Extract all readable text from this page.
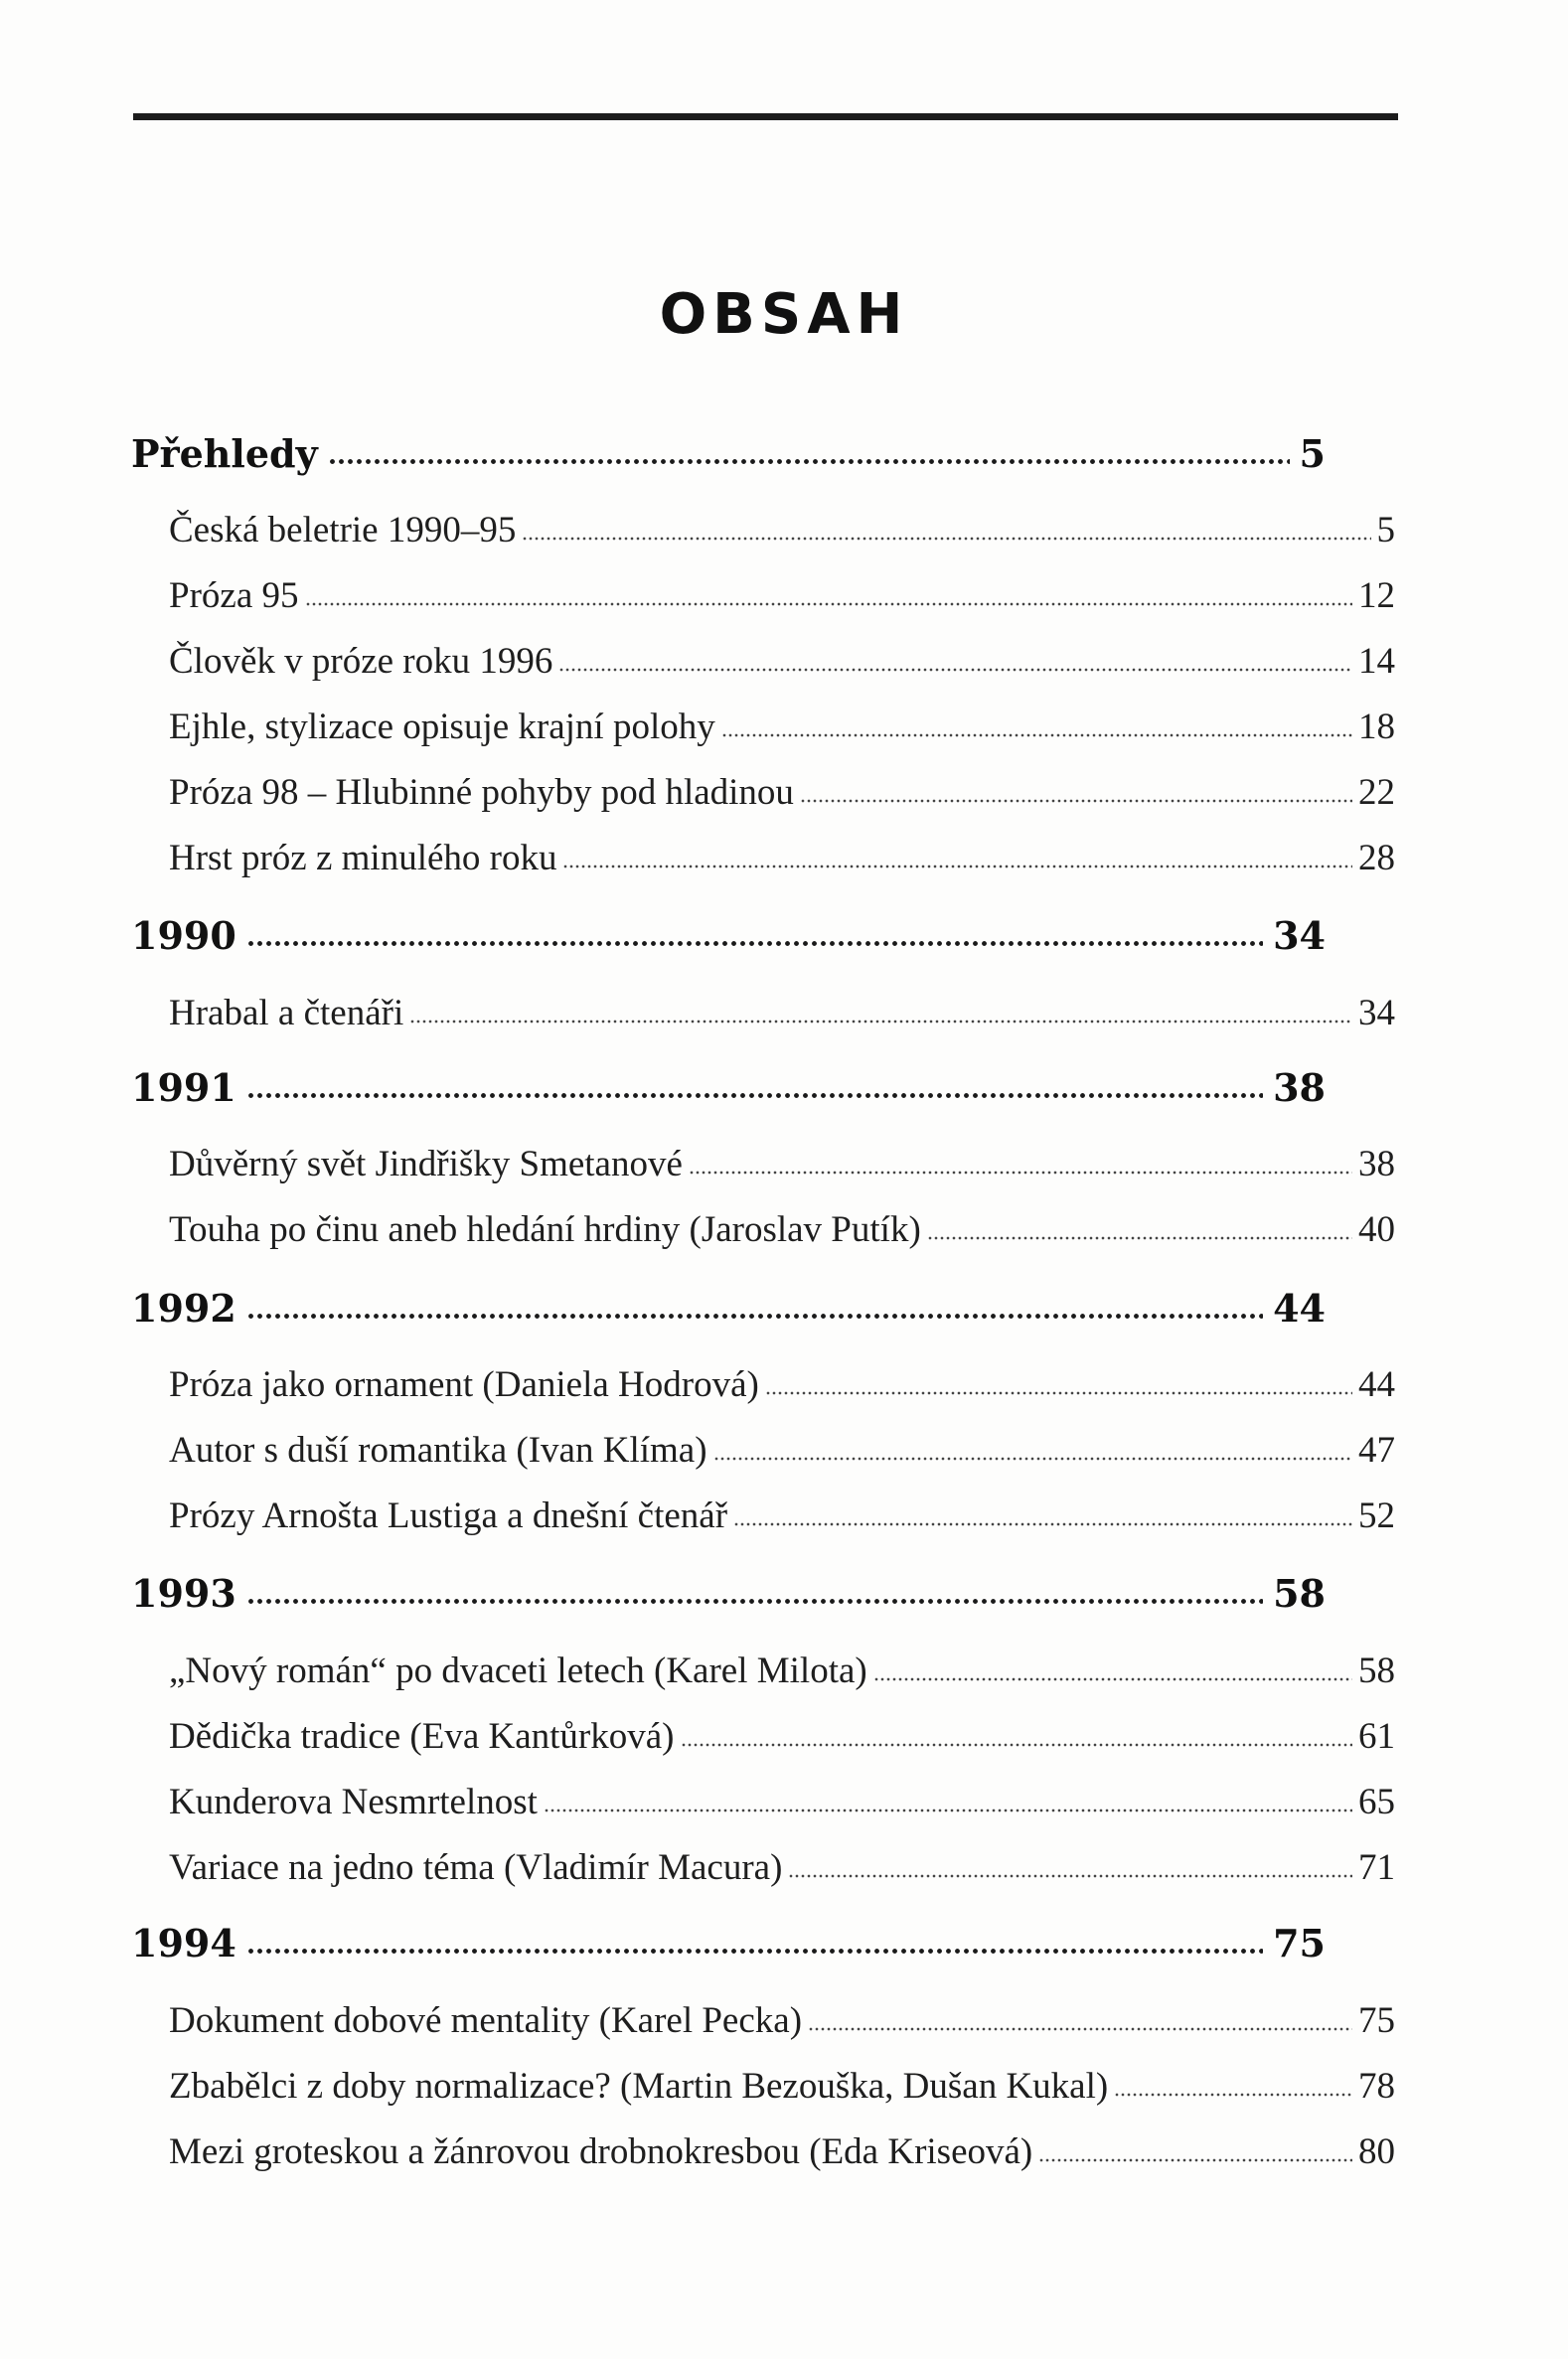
OBSAH
Přehledy	5
Česká beletrie 1990–95	5
Próza 95	12
Člověk v próze roku 1996	14
Ejhle, stylizace opisuje krajní polohy	18
Próza 98 – Hlubinné pohyby pod hladinou	22
Hrst próz z minulého roku	28
1990	34
Hrabal a čtenáři	34
1991	38
Důvěrný svět Jindřišky Smetanové	38
Touha po činu aneb hledání hrdiny (Jaroslav Putík)	40
1992	44
Próza jako ornament (Daniela Hodrová)	44
Autor s duší romantika (Ivan Klíma)	47
Prózy Arnošta Lustiga a dnešní čtenář	52
1993	58
„Nový román“ po dvaceti letech (Karel Milota)	58
Dědička tradice (Eva Kantůrková)	61
Kunderova Nesmrtelnost	65
Variace na jedno téma (Vladimír Macura)	71
1994	75
Dokument dobové mentality (Karel Pecka)	75
Zbabělci z doby normalizace? (Martin Bezouška, Dušan Kukal)	78
Mezi groteskou a žánrovou drobnokresbou (Eda Kriseová)	80
